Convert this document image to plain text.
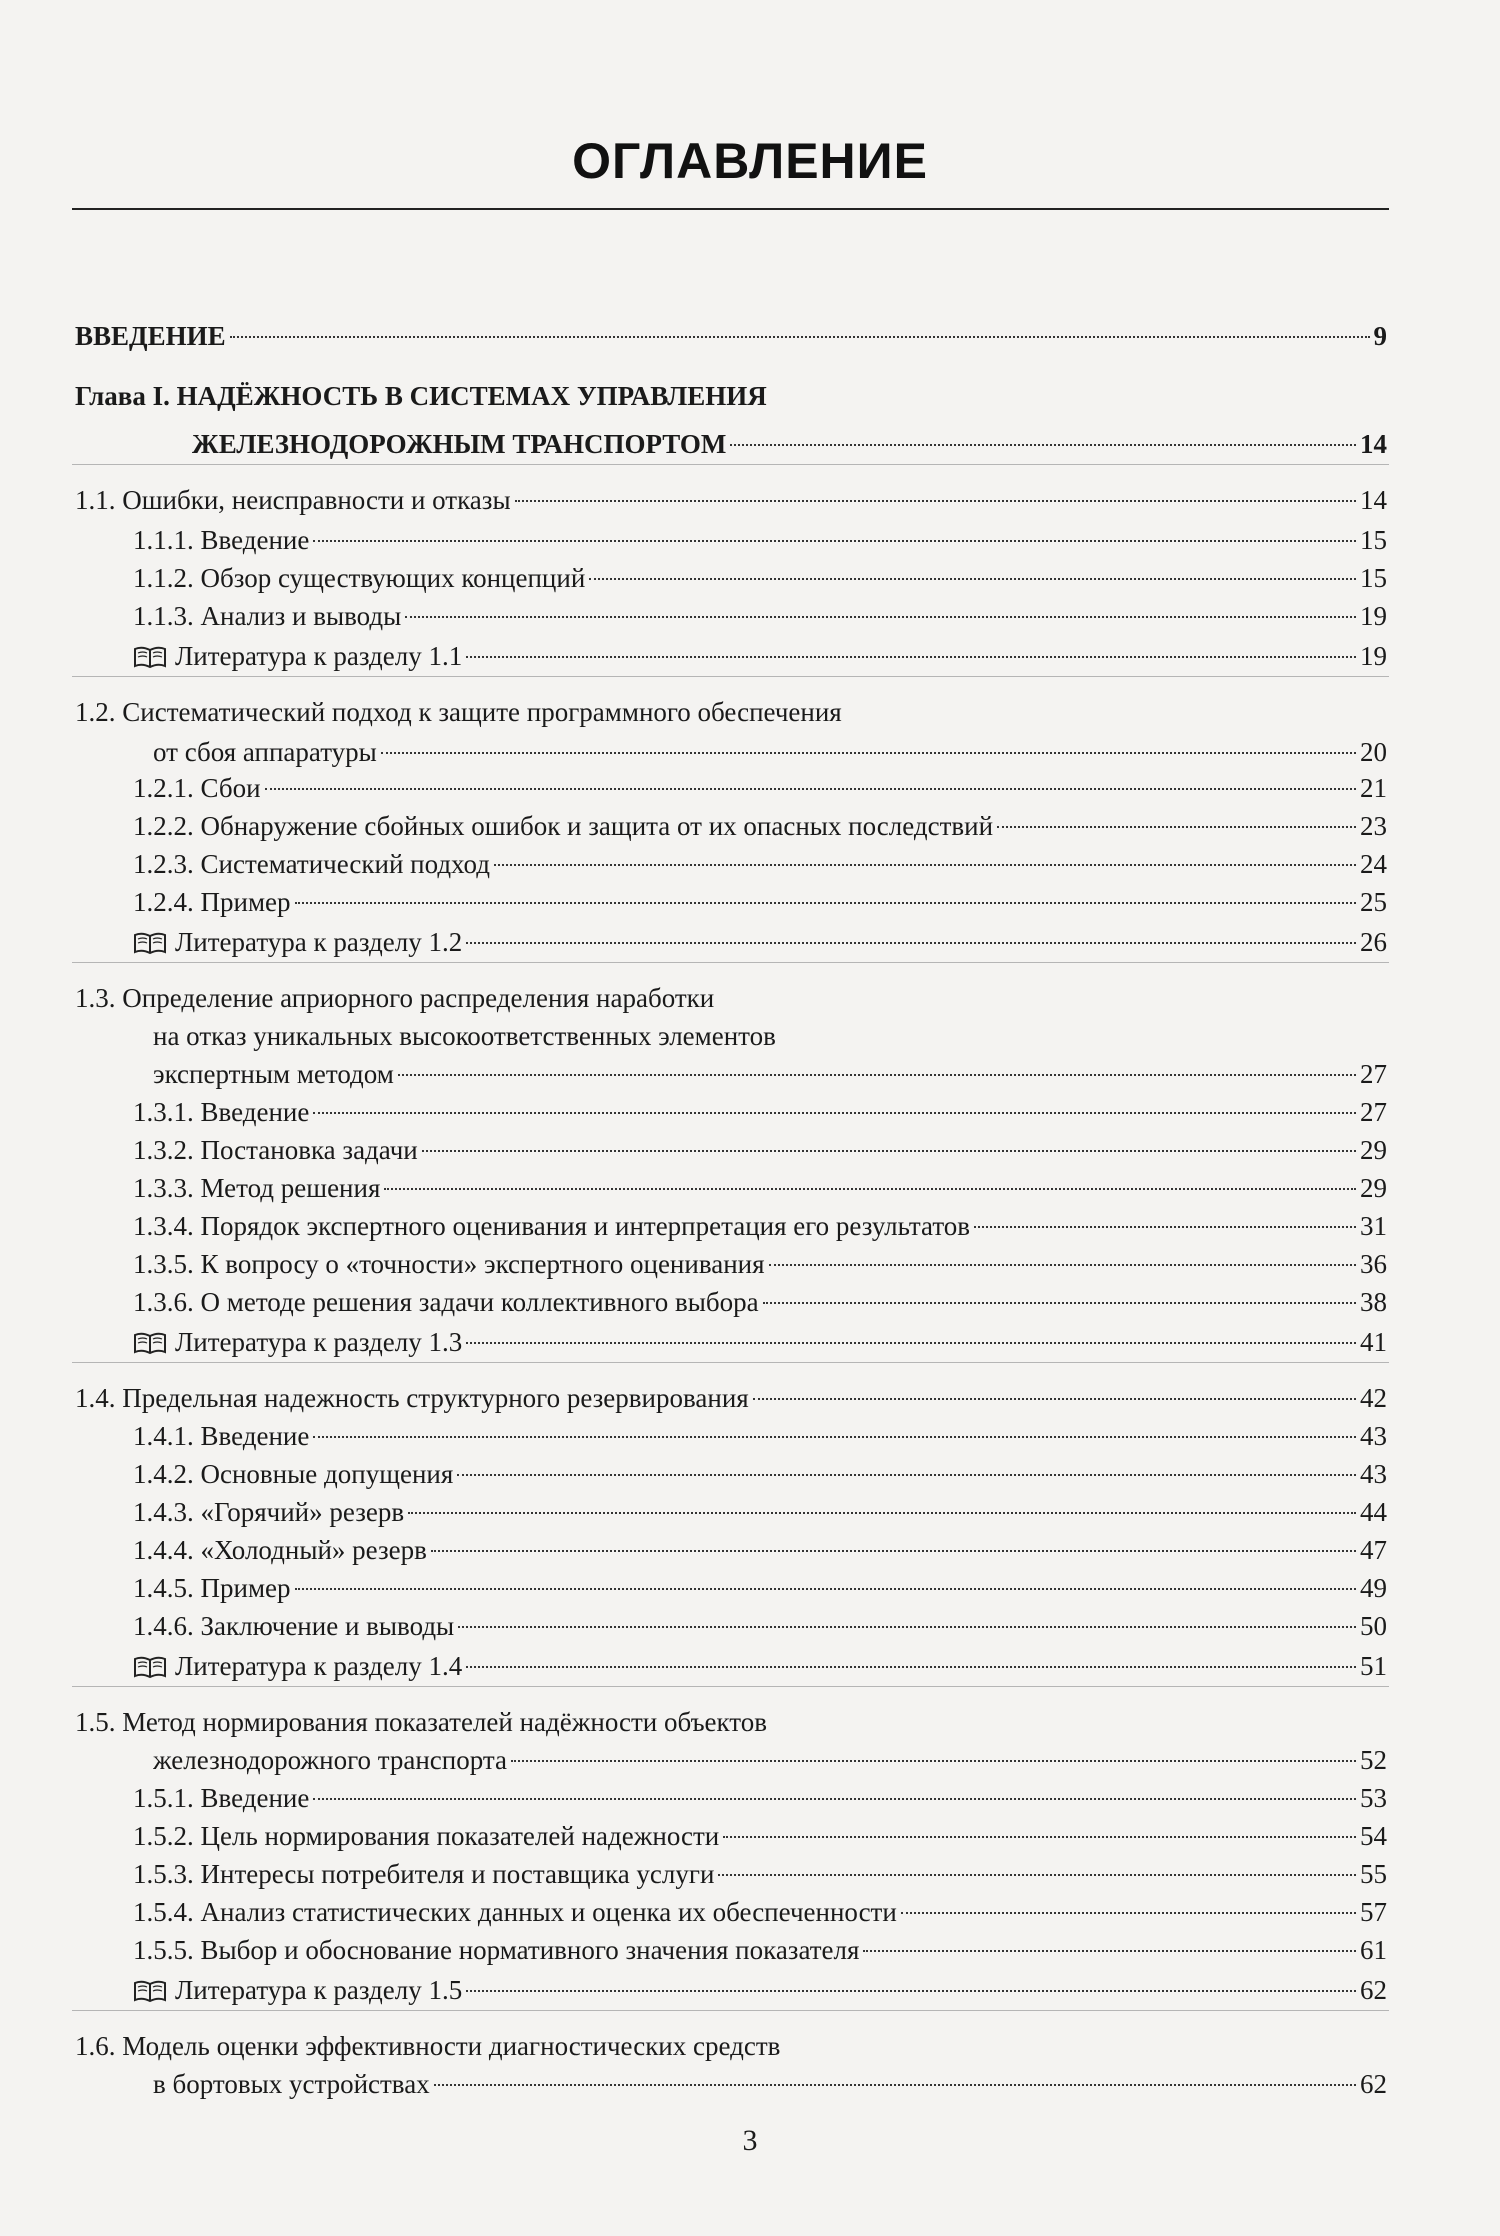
ОГЛАВЛЕНИЕ
ВВЕДЕНИЕ	9
Глава I. НАДЁЖНОСТЬ В СИСТЕМАХ УПРАВЛЕНИЯ
ЖЕЛЕЗНОДОРОЖНЫМ ТРАНСПОРТОМ	14
1.1. Ошибки, неисправности и отказы	14
1.1.1. Введение	15
1.1.2. Обзор существующих концепций	15
1.1.3. Анализ и выводы	19
Литература к разделу 1.1	19
1.2. Систематический подход к защите программного обеспечения
от сбоя аппаратуры	20
1.2.1. Сбои	21
1.2.2. Обнаружение сбойных ошибок и защита от их опасных последствий	23
1.2.3. Систематический подход	24
1.2.4. Пример	25
Литература к разделу 1.2	26
1.3. Определение априорного распределения наработки
на отказ уникальных высокоответственных элементов
экспертным методом	27
1.3.1. Введение	27
1.3.2. Постановка задачи	29
1.3.3. Метод решения	29
1.3.4. Порядок экспертного оценивания и интерпретация его результатов	31
1.3.5. К вопросу о «точности» экспертного оценивания	36
1.3.6. О методе решения задачи коллективного выбора	38
Литература к разделу 1.3	41
1.4. Предельная надежность структурного резервирования	42
1.4.1. Введение	43
1.4.2. Основные допущения	43
1.4.3. «Горячий» резерв	44
1.4.4. «Холодный» резерв	47
1.4.5. Пример	49
1.4.6. Заключение и выводы	50
Литература к разделу 1.4	51
1.5. Метод нормирования показателей надёжности объектов
железнодорожного транспорта	52
1.5.1. Введение	53
1.5.2. Цель нормирования показателей надежности	54
1.5.3. Интересы потребителя и поставщика услуги	55
1.5.4. Анализ статистических данных и оценка их обеспеченности	57
1.5.5. Выбор и обоснование нормативного значения показателя	61
Литература к разделу 1.5	62
1.6. Модель оценки эффективности диагностических средств
в бортовых устройствах	62
3
